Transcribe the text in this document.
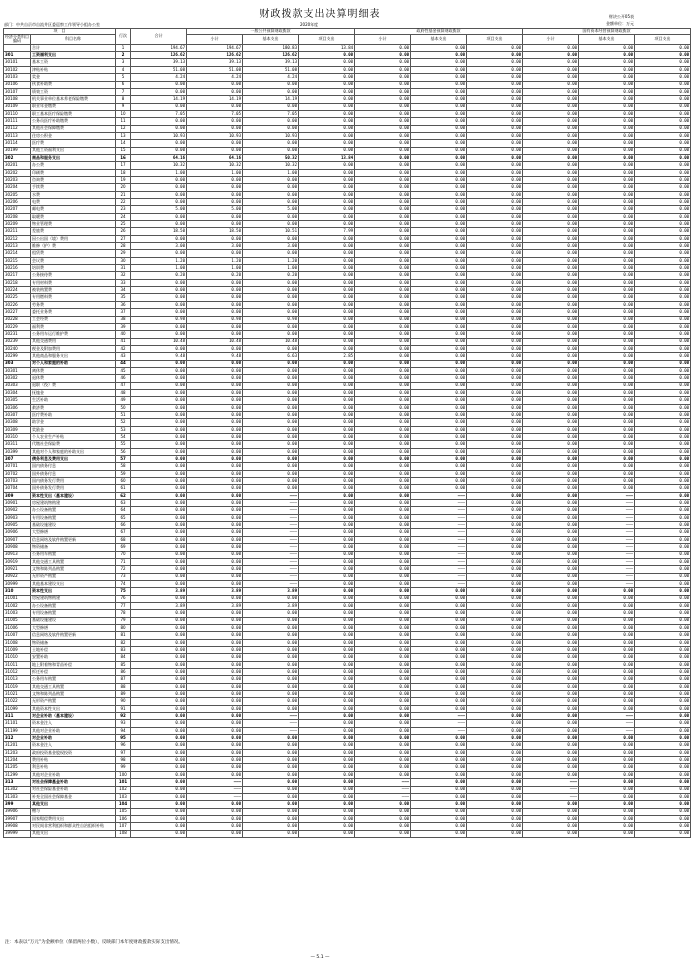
财政拨款支出决算明细表	财决公开05表
金额单位：万元
部门：中共自贡市自流井区委巡察工作领导小组办公室	2020年度
项　目		行次	合计	一般公共预算财政拨款			政府性基金预算财政拨款			国有资本经营预算财政拨款		
经济分类科目编码	科目名称			小计	基本支出	项目支出	小计	基本支出	项目支出	小计	基本支出	项目支出

	合计	1	194.67	194.67	180.83	13.84	0.00	0.00	0.00	0.00	0.00	0.00
301	工资福利支出	2	126.62	126.62	126.62	0.00	0.00	0.00	0.00	0.00	0.00	0.00
30101	基本工资	3	39.13	39.13	39.13	0.00	0.00	0.00	0.00	0.00	0.00	0.00
30102	津贴补贴	4	51.08	51.08	51.08	0.00	0.00	0.00	0.00	0.00	0.00	0.00
30103	奖金	5	4.24	4.24	4.24	0.00	0.00	0.00	0.00	0.00	0.00	0.00
30106	伙食补助费	6	0.00	0.00	0.00	0.00	0.00	0.00	0.00	0.00	0.00	0.00
30107	绩效工资	7	0.00	0.00	0.00	0.00	0.00	0.00	0.00	0.00	0.00	0.00
30108	机关事业单位基本养老保险缴费	8	14.19	14.19	14.19	0.00	0.00	0.00	0.00	0.00	0.00	0.00
30109	职业年金缴费	9	0.00	0.00	0.00	0.00	0.00	0.00	0.00	0.00	0.00	0.00
30110	职工基本医疗保险缴费	10	7.05	7.05	7.05	0.00	0.00	0.00	0.00	0.00	0.00	0.00
30111	公务员医疗补助缴费	11	0.00	0.00	0.00	0.00	0.00	0.00	0.00	0.00	0.00	0.00
30112	其他社会保障缴费	12	0.00	0.00	0.00	0.00	0.00	0.00	0.00	0.00	0.00	0.00
30113	住房公积金	13	10.93	10.93	10.93	0.00	0.00	0.00	0.00	0.00	0.00	0.00
30114	医疗费	14	0.00	0.00	0.00	0.00	0.00	0.00	0.00	0.00	0.00	0.00
30199	其他工资福利支出	15	0.00	0.00	0.00	0.00	0.00	0.00	0.00	0.00	0.00	0.00
302	商品和服务支出	16	64.16	64.16	50.32	13.84	0.00	0.00	0.00	0.00	0.00	0.00
30201	办公费	17	10.32	10.32	10.32	0.00	0.00	0.00	0.00	0.00	0.00	0.00
30202	印刷费	18	1.00	1.00	1.00	0.00	0.00	0.00	0.00	0.00	0.00	0.00
30203	咨询费	19	0.00	0.00	0.00	0.00	0.00	0.00	0.00	0.00	0.00	0.00
30204	手续费	20	0.00	0.00	0.00	0.00	0.00	0.00	0.00	0.00	0.00	0.00
30205	水费	21	0.00	0.00	0.00	0.00	0.00	0.00	0.00	0.00	0.00	0.00
30206	电费	22	0.00	0.00	0.00	0.00	0.00	0.00	0.00	0.00	0.00	0.00
30207	邮电费	23	5.00	5.00	5.00	0.00	0.00	0.00	0.00	0.00	0.00	0.00
30208	取暖费	24	0.00	0.00	0.00	0.00	0.00	0.00	0.00	0.00	0.00	0.00
30209	物业管理费	25	0.00	0.00	0.00	0.00	0.00	0.00	0.00	0.00	0.00	0.00
30211	差旅费	26	18.50	18.50	10.51	7.99	0.00	0.00	0.00	0.00	0.00	0.00
30212	因公出国（境）费用	27	0.00	0.00	0.00	0.00	0.00	0.00	0.00	0.00	0.00	0.00
30213	维修（护）费	28	3.00	3.00	3.00	0.00	0.00	0.00	0.00	0.00	0.00	0.00
30214	租赁费	29	0.00	0.00	0.00	0.00	0.00	0.00	0.00	0.00	0.00	0.00
30215	会议费	30	1.20	1.20	1.20	0.00	0.00	0.00	0.00	0.00	0.00	0.00
30216	培训费	31	1.00	1.00	1.00	0.00	0.00	0.00	0.00	0.00	0.00	0.00
30217	公务接待费	32	0.20	0.20	0.20	0.00	0.00	0.00	0.00	0.00	0.00	0.00
30218	专用材料费	33	0.00	0.00	0.00	0.00	0.00	0.00	0.00	0.00	0.00	0.00
30224	被装购置费	34	0.00	0.00	0.00	0.00	0.00	0.00	0.00	0.00	0.00	0.00
30225	专用燃料费	35	0.00	0.00	0.00	0.00	0.00	0.00	0.00	0.00	0.00	0.00
30226	劳务费	36	0.00	0.00	0.00	0.00	0.00	0.00	0.00	0.00	0.00	0.00
30227	委托业务费	37	0.00	0.00	0.00	0.00	0.00	0.00	0.00	0.00	0.00	0.00
30228	工会经费	38	0.98	0.98	0.98	0.00	0.00	0.00	0.00	0.00	0.00	0.00
30229	福利费	39	0.00	0.00	0.00	0.00	0.00	0.00	0.00	0.00	0.00	0.00
30231	公务用车运行维护费	40	0.00	0.00	0.00	0.00	0.00	0.00	0.00	0.00	0.00	0.00
30239	其他交通费用	41	10.48	10.48	10.48	0.00	0.00	0.00	0.00	0.00	0.00	0.00
30240	税金及附加费用	42	0.00	0.00	0.00	0.00	0.00	0.00	0.00	0.00	0.00	0.00
30299	其他商品和服务支出	43	9.48	9.48	6.63	2.85	0.00	0.00	0.00	0.00	0.00	0.00
303	对个人和家庭的补助	44	0.00	0.00	0.00	0.00	0.00	0.00	0.00	0.00	0.00	0.00
30301	离休费	45	0.00	0.00	0.00	0.00	0.00	0.00	0.00	0.00	0.00	0.00
30302	退休费	46	0.00	0.00	0.00	0.00	0.00	0.00	0.00	0.00	0.00	0.00
30303	退职（役）费	47	0.00	0.00	0.00	0.00	0.00	0.00	0.00	0.00	0.00	0.00
30304	抚恤金	48	0.00	0.00	0.00	0.00	0.00	0.00	0.00	0.00	0.00	0.00
30305	生活补助	49	0.00	0.00	0.00	0.00	0.00	0.00	0.00	0.00	0.00	0.00
30306	救济费	50	0.00	0.00	0.00	0.00	0.00	0.00	0.00	0.00	0.00	0.00
30307	医疗费补助	51	0.00	0.00	0.00	0.00	0.00	0.00	0.00	0.00	0.00	0.00
30308	助学金	52	0.00	0.00	0.00	0.00	0.00	0.00	0.00	0.00	0.00	0.00
30309	奖励金	53	0.00	0.00	0.00	0.00	0.00	0.00	0.00	0.00	0.00	0.00
30310	个人农业生产补贴	54	0.00	0.00	0.00	0.00	0.00	0.00	0.00	0.00	0.00	0.00
30311	代缴社会保险费	55	0.00	0.00	0.00	0.00	0.00	0.00	0.00	0.00	0.00	0.00
30399	其他对个人和家庭的补助支出	56	0.00	0.00	0.00	0.00	0.00	0.00	0.00	0.00	0.00	0.00
307	债务利息及费用支出	57	0.00	0.00	0.00	0.00	0.00	0.00	0.00	0.00	0.00	0.00
30701	国内债务付息	58	0.00	0.00	0.00	0.00	0.00	0.00	0.00	0.00	0.00	0.00
30702	国外债务付息	59	0.00	0.00	0.00	0.00	0.00	0.00	0.00	0.00	0.00	0.00
30703	国内债务发行费用	60	0.00	0.00	0.00	0.00	0.00	0.00	0.00	0.00	0.00	0.00
30704	国外债务发行费用	61	0.00	0.00	0.00	0.00	0.00	0.00	0.00	0.00	0.00	0.00
309	资本性支出（基本建设）	62	0.00	0.00	———	0.00	0.00	———	0.00	0.00	———	0.00
30901	房屋建筑物购建	63	0.00	0.00	———	0.00	0.00	———	0.00	0.00	———	0.00
30902	办公设备购置	64	0.00	0.00	———	0.00	0.00	———	0.00	0.00	———	0.00
30903	专用设备购置	65	0.00	0.00	———	0.00	0.00	———	0.00	0.00	———	0.00
30905	基础设施建设	66	0.00	0.00	———	0.00	0.00	———	0.00	0.00	———	0.00
30906	大型修缮	67	0.00	0.00	———	0.00	0.00	———	0.00	0.00	———	0.00
30907	信息网络及软件购置更新	68	0.00	0.00	———	0.00	0.00	———	0.00	0.00	———	0.00
30908	物资储备	69	0.00	0.00	———	0.00	0.00	———	0.00	0.00	———	0.00
30913	公务用车购置	70	0.00	0.00	———	0.00	0.00	———	0.00	0.00	———	0.00
30919	其他交通工具购置	71	0.00	0.00	———	0.00	0.00	———	0.00	0.00	———	0.00
30921	文物和陈列品购置	72	0.00	0.00	———	0.00	0.00	———	0.00	0.00	———	0.00
30922	无形资产购置	73	0.00	0.00	———	0.00	0.00	———	0.00	0.00	———	0.00
30999	其他基本建设支出	74	0.00	0.00	———	0.00	0.00	———	0.00	0.00	———	0.00
310	资本性支出	75	3.89	3.89	3.89	0.00	0.00	0.00	0.00	0.00	0.00	0.00
31001	房屋建筑物购建	76	0.00	0.00	0.00	0.00	0.00	0.00	0.00	0.00	0.00	0.00
31002	办公设备购置	77	3.89	3.89	3.89	0.00	0.00	0.00	0.00	0.00	0.00	0.00
31003	专用设备购置	78	0.00	0.00	0.00	0.00	0.00	0.00	0.00	0.00	0.00	0.00
31005	基础设施建设	79	0.00	0.00	0.00	0.00	0.00	0.00	0.00	0.00	0.00	0.00
31006	大型修缮	80	0.00	0.00	0.00	0.00	0.00	0.00	0.00	0.00	0.00	0.00
31007	信息网络及软件购置更新	81	0.00	0.00	0.00	0.00	0.00	0.00	0.00	0.00	0.00	0.00
31008	物资储备	82	0.00	0.00	0.00	0.00	0.00	0.00	0.00	0.00	0.00	0.00
31009	土地补偿	83	0.00	0.00	0.00	0.00	0.00	0.00	0.00	0.00	0.00	0.00
31010	安置补助	84	0.00	0.00	0.00	0.00	0.00	0.00	0.00	0.00	0.00	0.00
31011	地上附着物和青苗补偿	85	0.00	0.00	0.00	0.00	0.00	0.00	0.00	0.00	0.00	0.00
31012	拆迁补偿	86	0.00	0.00	0.00	0.00	0.00	0.00	0.00	0.00	0.00	0.00
31013	公务用车购置	87	0.00	0.00	0.00	0.00	0.00	0.00	0.00	0.00	0.00	0.00
31019	其他交通工具购置	88	0.00	0.00	0.00	0.00	0.00	0.00	0.00	0.00	0.00	0.00
31021	文物和陈列品购置	89	0.00	0.00	0.00	0.00	0.00	0.00	0.00	0.00	0.00	0.00
31022	无形资产购置	90	0.00	0.00	0.00	0.00	0.00	0.00	0.00	0.00	0.00	0.00
31099	其他资本性支出	91	0.00	0.00	0.00	0.00	0.00	0.00	0.00	0.00	0.00	0.00
311	对企业补助（基本建设）	92	0.00	0.00	———	0.00	0.00	———	0.00	0.00	———	0.00
31101	资本金注入	93	0.00	0.00	———	0.00	0.00	———	0.00	0.00	———	0.00
31199	其他对企业补助	94	0.00	0.00	———	0.00	0.00	———	0.00	0.00	———	0.00
312	对企业补助	95	0.00	0.00	0.00	0.00	0.00	0.00	0.00	0.00	0.00	0.00
31201	资本金注入	96	0.00	0.00	0.00	0.00	0.00	0.00	0.00	0.00	0.00	0.00
31203	政府投资基金股权投资	97	0.00	0.00	0.00	0.00	0.00	0.00	0.00	0.00	0.00	0.00
31204	费用补贴	98	0.00	0.00	0.00	0.00	0.00	0.00	0.00	0.00	0.00	0.00
31205	利息补贴	99	0.00	0.00	0.00	0.00	0.00	0.00	0.00	0.00	0.00	0.00
31299	其他对企业补助	100	0.00	0.00	0.00	0.00	0.00	0.00	0.00	0.00	0.00	0.00
313	对社会保障基金补助	101	0.00	———	0.00	0.00	———	0.00	0.00	———	0.00	0.00
31302	对社会保险基金补助	102	0.00	———	0.00	0.00	———	0.00	0.00	———	0.00	0.00
31303	补充全国社会保障基金	103	0.00	———	0.00	0.00	———	0.00	0.00	———	0.00	0.00
399	其他支出	104	0.00	0.00	0.00	0.00	0.00	0.00	0.00	0.00	0.00	0.00
39906	赠与	105	0.00	0.00	0.00	0.00	0.00	0.00	0.00	0.00	0.00	0.00
39907	国家赔偿费用支出	106	0.00	0.00	0.00	0.00	0.00	0.00	0.00	0.00	0.00	0.00
39908	对民间非营利组织和群众性自治组织补贴	107	0.00	0.00	0.00	0.00	0.00	0.00	0.00	0.00	0.00	0.00
39999	其他支出	108	0.00	0.00	0.00	0.00	0.00	0.00	0.00	0.00	0.00	0.00
注：本表以“万元”为金额单位（保留两位小数），反映部门本年度财政拨款实际支出情况。
— 5.1 —
